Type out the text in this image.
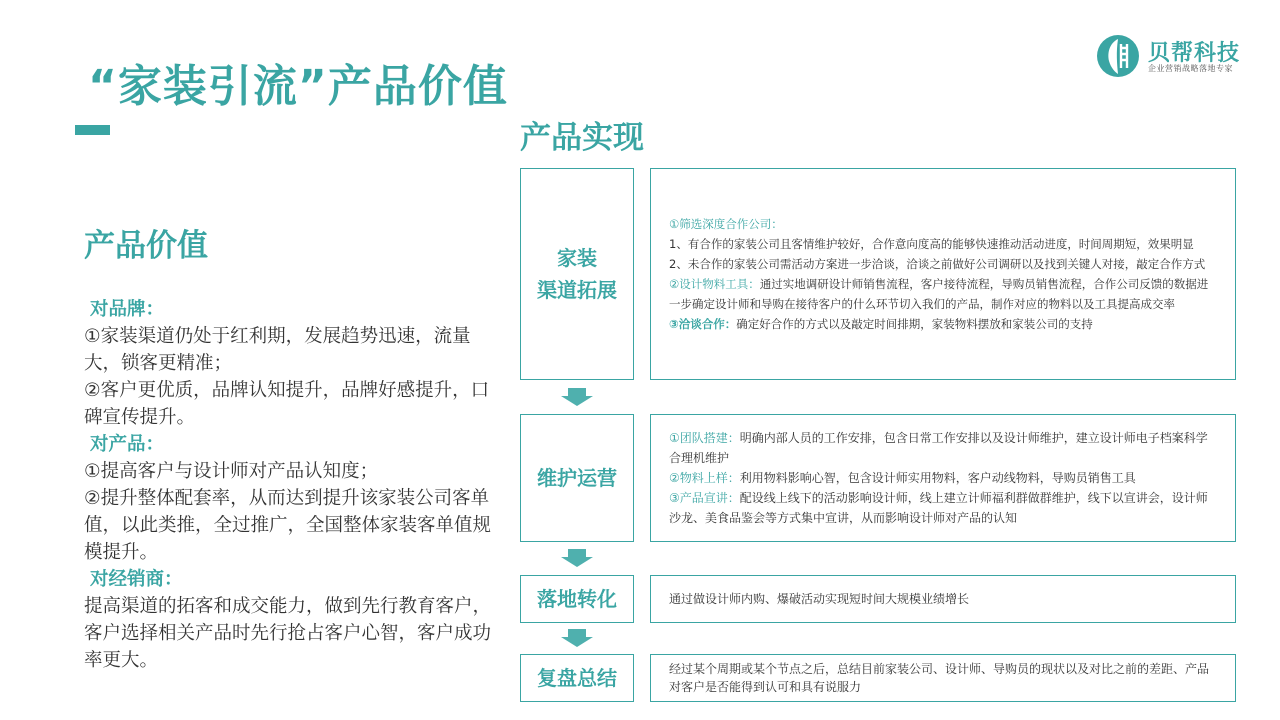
“家装引流”产品价值
贝帮科技
企业营销战略落地专家
产品价值

对品牌：

①家装渠道仍处于红利期，发展趋势迅速，流量大，锁客更精准；

②客户更优质，品牌认知提升，品牌好感提升，口碑宣传提升。

对产品：

①提高客户与设计师对产品认知度；

②提升整体配套率，从而达到提升该家装公司客单值，以此类推，全过推广，全国整体家装客单值规模提升。

对经销商：

提高渠道的拓客和成交能力，做到先行教育客户，客户选择相关产品时先行抢占客户心智，客户成功率更大。

产品实现
家装
渠道拓展

①筛选深度合作公司：

1、有合作的家装公司且客情维护较好，合作意向度高的能够快速推动活动进度，时间周期短，效果明显

2、未合作的家装公司需活动方案进一步洽谈，洽谈之前做好公司调研以及找到关键人对接，敲定合作方式

②设计物料工具：通过实地调研设计师销售流程，客户接待流程，导购员销售流程，合作公司反馈的数据进一步确定设计师和导购在接待客户的什么环节切入我们的产品，制作对应的物料以及工具提高成交率

③洽谈合作：确定好合作的方式以及敲定时间排期，家装物料摆放和家装公司的支持

维护运营

①团队搭建：明确内部人员的工作安排，包含日常工作安排以及设计师维护，建立设计师电子档案科学合理机维护

②物料上样：利用物料影响心智，包含设计师实用物料，客户动线物料，导购员销售工具

③产品宣讲：配设线上线下的活动影响设计师，线上建立计师福利群做群维护，线下以宣讲会，设计师沙龙、美食品鉴会等方式集中宣讲，从而影响设计师对产品的认知

落地转化	通过做设计师内购、爆破活动实现短时间大规模业绩增长

复盘总结	经过某个周期或某个节点之后，总结目前家装公司、设计师、导购员的现状以及对比之前的差距、产品对客户是否能得到认可和具有说服力
